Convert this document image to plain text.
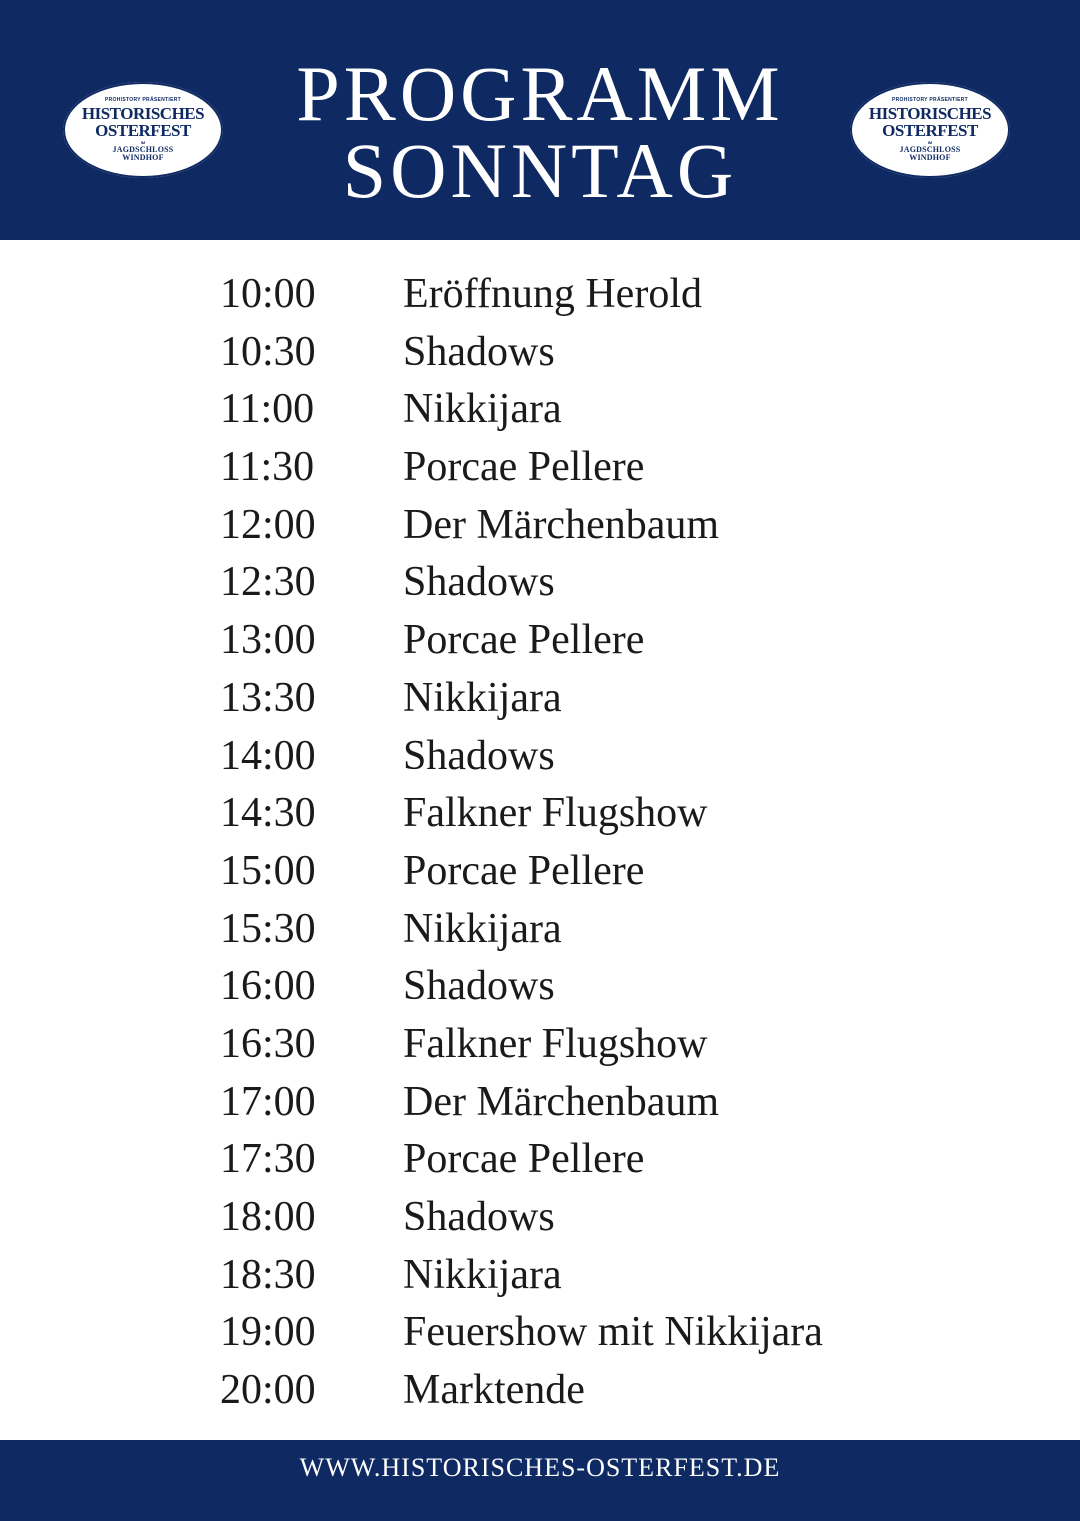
PROHISTORY PRÄSENTIERT
HISTORISCHES
OSTERFEST
IM
JAGDSCHLOSS
WINDHOF
PROGRAMM
SONNTAG
PROHISTORY PRÄSENTIERT
HISTORISCHES
OSTERFEST
IM
JAGDSCHLOSS
WINDHOF
10:00 Eröffnung Herold
10:30 Shadows
11:00 Nikkijara
11:30 Porcae Pellere
12:00 Der Märchenbaum
12:30 Shadows
13:00 Porcae Pellere
13:30 Nikkijara
14:00 Shadows
14:30 Falkner Flugshow
15:00 Porcae Pellere
15:30 Nikkijara
16:00 Shadows
16:30 Falkner Flugshow
17:00 Der Märchenbaum
17:30 Porcae Pellere
18:00 Shadows
18:30 Nikkijara
19:00 Feuershow mit Nikkijara
20:00 Marktende
WWW.HISTORISCHES-OSTERFEST.DE
